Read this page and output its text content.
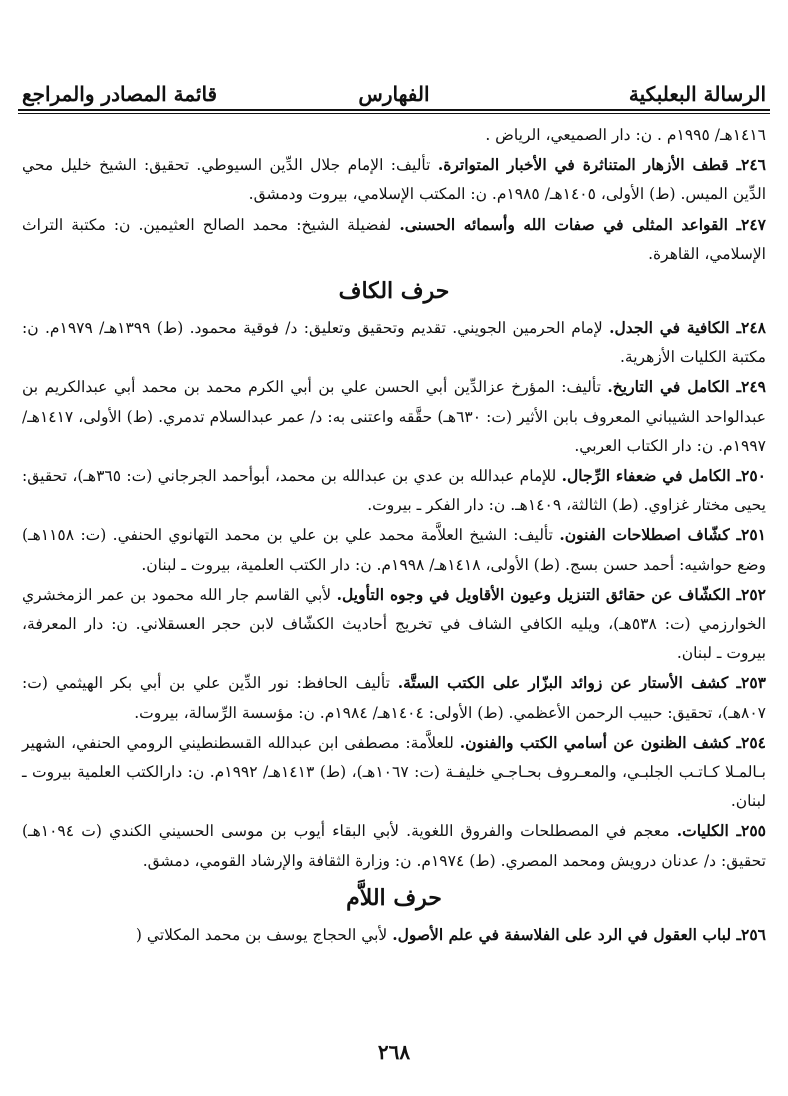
الرسالة البعلبكية
الفهارس
قائمة المصادر والمراجع

١٤١٦هـ/ ١٩٩٥م . ن: دار الصميعي، الرياض .

٢٤٦ـ قطف الأزهار المتناثرة في الأخبار المتواترة. تأليف: الإمام جلال الدِّين السيوطي. تحقيق: الشيخ خليل محي الدِّين الميس. (ط) الأولى، ١٤٠٥هـ/ ١٩٨٥م. ن: المكتب الإسلامي، بيروت ودمشق.

٢٤٧ـ القواعد المثلى في صفات الله وأسمائه الحسنى. لفضيلة الشيخ: محمد الصالح العثيمين. ن: مكتبة التراث الإسلامي، القاهرة.

حرف الكاف

٢٤٨ـ الكافية في الجدل. لإمام الحرمين الجويني. تقديم وتحقيق وتعليق: د/ فوقية محمود. (ط) ١٣٩٩هـ/ ١٩٧٩م. ن: مكتبة الكليات الأزهرية.

٢٤٩ـ الكامل في التاريخ. تأليف: المؤرخ عزالدِّين أبي الحسن علي بن أبي الكرم محمد بن محمد أبي عبدالكريم بن عبدالواحد الشيباني المعروف بابن الأثير (ت: ٦٣٠هـ) حقَّقه واعتنى به: د/ عمر عبدالسلام تدمري. (ط) الأولى، ١٤١٧هـ/ ١٩٩٧م. ن: دار الكتاب العربي.

٢٥٠ـ الكامل في ضعفاء الرِّجال. للإمام عبدالله بن عدي بن عبدالله بن محمد، أبوأحمد الجرجاني (ت: ٣٦٥هـ)، تحقيق: يحيى مختار غزاوي. (ط) الثالثة، ١٤٠٩هـ. ن: دار الفكر ـ بيروت.

٢٥١ـ كشّاف اصطلاحات الفنون. تأليف: الشيخ العلاَّمة محمد علي بن علي بن محمد التهانوي الحنفي. (ت: ١١٥٨هـ) وضع حواشيه: أحمد حسن بسج. (ط) الأولى، ١٤١٨هـ/ ١٩٩٨م. ن: دار الكتب العلمية، بيروت ـ لبنان.

٢٥٢ـ الكشّاف عن حقائق التنزيل وعيون الأقاويل في وجوه التأويل. لأبي القاسم جار الله محمود بن عمر الزمخشري الخوارزمي (ت: ٥٣٨هـ)، ويليه الكافي الشاف في تخريج أحاديث الكشّاف لابن حجر العسقلاني. ن: دار المعرفة، بيروت ـ لبنان.

٢٥٣ـ كشف الأستار عن زوائد البزّار على الكتب الستَّة. تأليف الحافظ: نور الدِّين علي بن أبي بكر الهيثمي (ت: ٨٠٧هـ)، تحقيق: حبيب الرحمن الأعظمي. (ط) الأولى: ١٤٠٤هـ/ ١٩٨٤م. ن: مؤسسة الرِّسالة، بيروت.

٢٥٤ـ كشف الظنون عن أسامي الكتب والفنون. للعلاَّمة: مصطفى ابن عبدالله القسطنطيني الرومي الحنفي، الشهير بـالمـلا كـاتـب الجلبـي، والمعـروف بحـاجـي خليفـة (ت: ١٠٦٧هـ)، (ط) ١٤١٣هـ/ ١٩٩٢م. ن: دارالكتب العلمية بيروت ـ لبنان.

٢٥٥ـ الكليات. معجم في المصطلحات والفروق اللغوية. لأبي البقاء أيوب بن موسى الحسيني الكندي (ت ١٠٩٤هـ) تحقيق: د/ عدنان درويش ومحمد المصري. (ط) ١٩٧٤م. ن: وزارة الثقافة والإرشاد القومي، دمشق.

حرف اللاَّم

٢٥٦ـ لباب العقول في الرد على الفلاسفة في علم الأصول. لأبي الحجاج يوسف بن محمد المكلاتي (

٢٦٨
